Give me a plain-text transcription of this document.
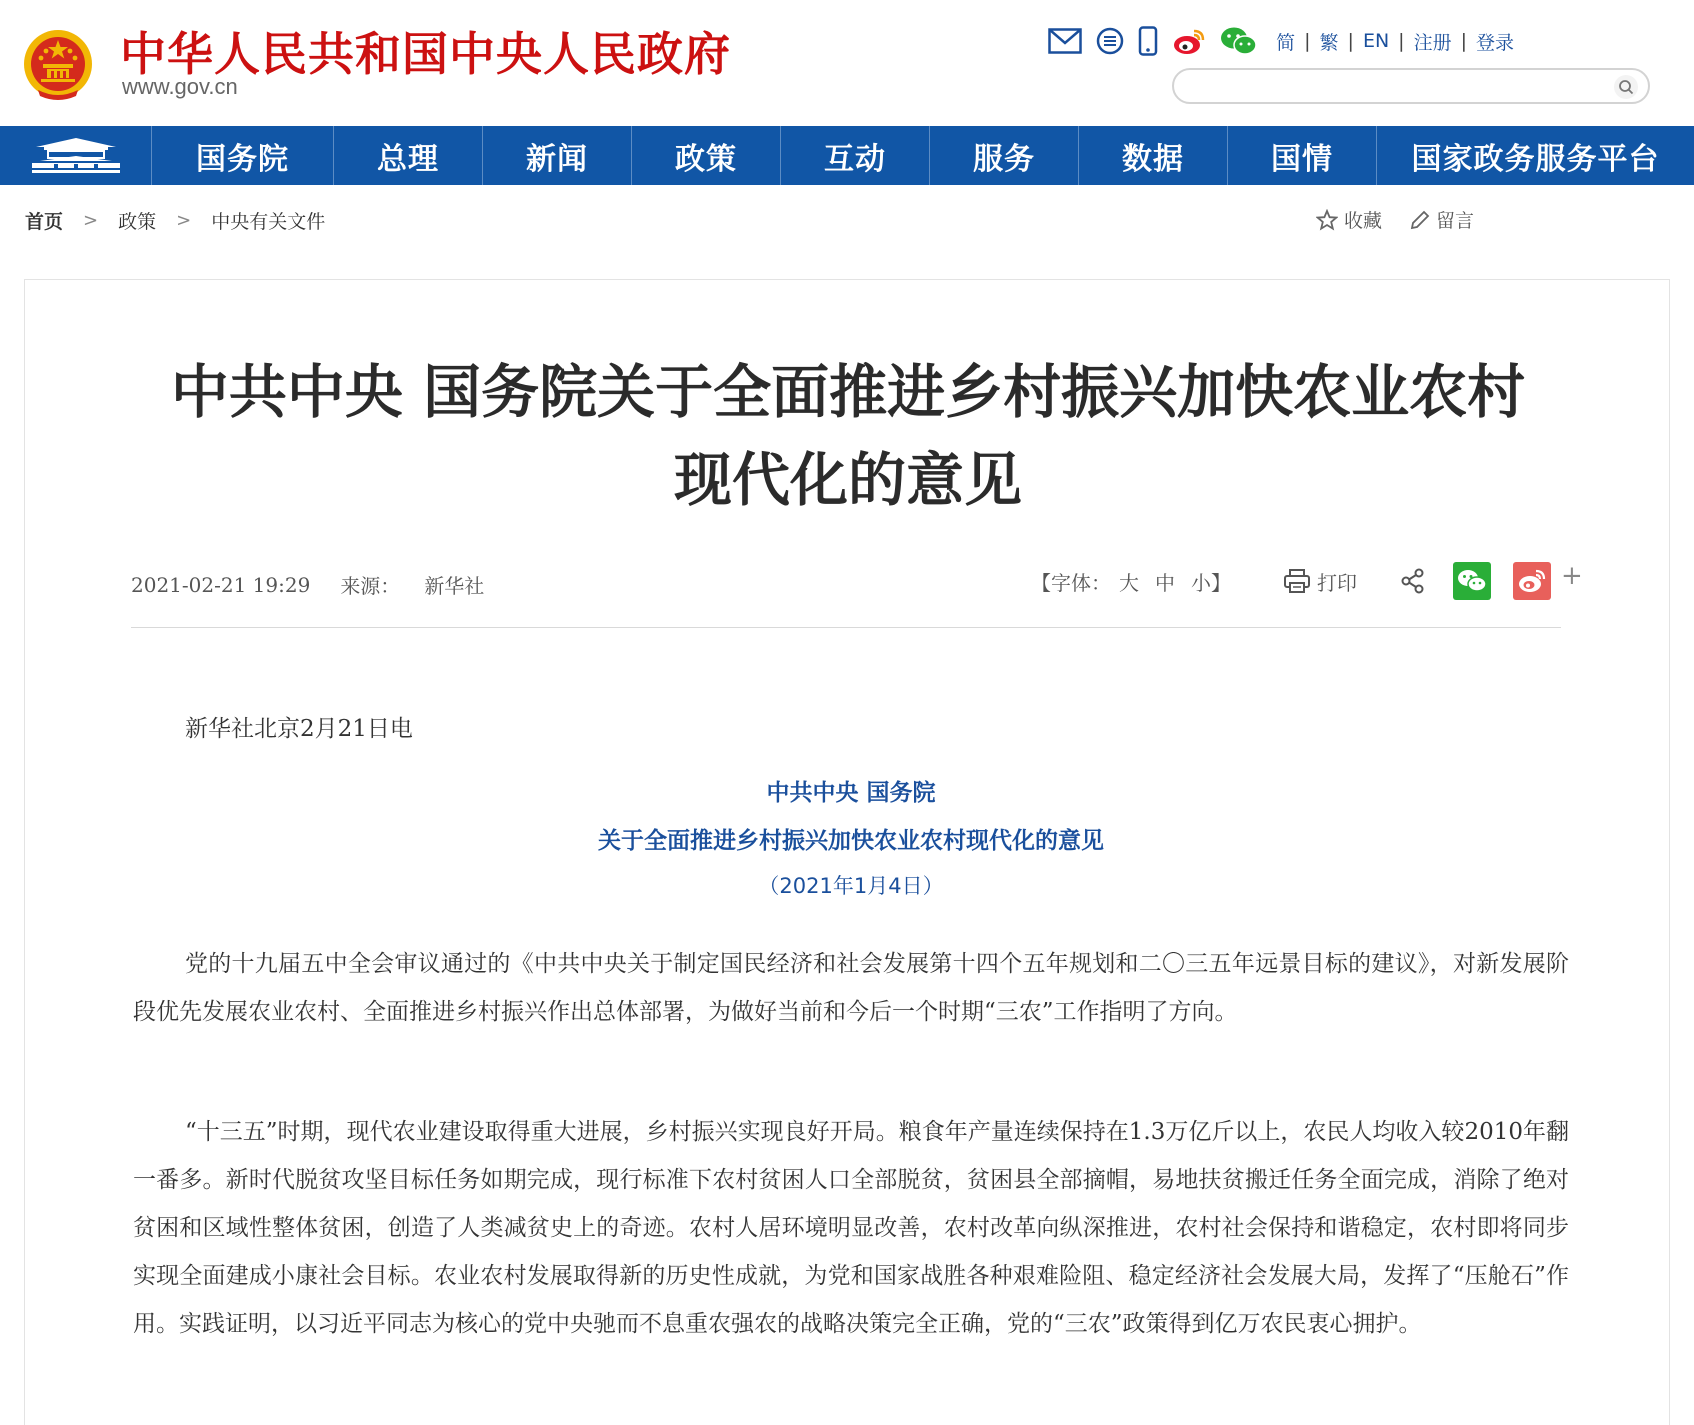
中华人民共和国中央人民政府
www.gov.cn
简 | 繁 | EN | 注册 | 登录
国务院	总理	新闻	政策	互动	服务	数据	国情	国家政务服务平台
首页	>	政策	>	中央有关文件	收藏	留言
中共中央 国务院关于全面推进乡村振兴加快农业农村
现代化的意见
2021-02-21 19:29 来源： 新华社	【字体： 大 中 小】	打印	+
新华社北京2月21日电
中共中央 国务院
关于全面推进乡村振兴加快农业农村现代化的意见
（2021年1月4日）

党的十九届五中全会审议通过的《中共中央关于制定国民经济和社会发展第十四个五年规划和二〇三五年远景目标的建议》，对新发展阶段优先发展农业农村、全面推进乡村振兴作出总体部署，为做好当前和今后一个时期“三农”工作指明了方向。

“十三五”时期，现代农业建设取得重大进展，乡村振兴实现良好开局。粮食年产量连续保持在1.3万亿斤以上，农民人均收入较2010年翻一番多。新时代脱贫攻坚目标任务如期完成，现行标准下农村贫困人口全部脱贫，贫困县全部摘帽，易地扶贫搬迁任务全面完成，消除了绝对贫困和区域性整体贫困，创造了人类减贫史上的奇迹。农村人居环境明显改善，农村改革向纵深推进，农村社会保持和谐稳定，农村即将同步实现全面建成小康社会目标。农业农村发展取得新的历史性成就，为党和国家战胜各种艰难险阻、稳定经济社会发展大局，发挥了“压舱石”作用。实践证明，以习近平同志为核心的党中央驰而不息重农强农的战略决策完全正确，党的“三农”政策得到亿万农民衷心拥护。
